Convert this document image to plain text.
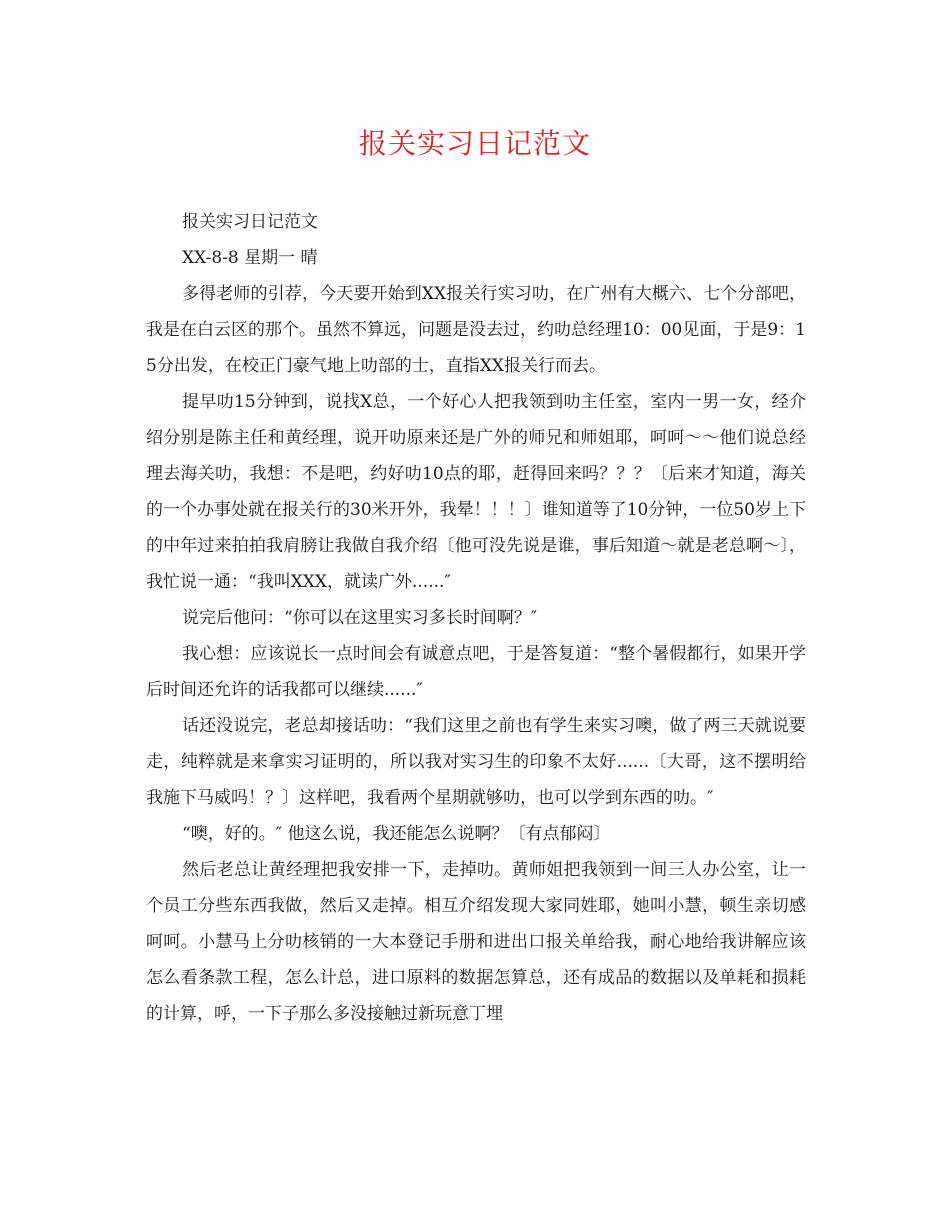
报关实习日记范文

报关实习日记范文

XX-8-8 星期一 晴

多得老师的引荐，今天要开始到XX报关行实习叻，在广州有大概六、七个分部吧，我是在白云区的那个。虽然不算远，问题是没去过，约叻总经理10：00见面，于是9：15分出发，在校正门豪气地上叻部的士，直指XX报关行而去。

提早叻15分钟到，说找X总，一个好心人把我领到叻主任室，室内一男一女，经介绍分别是陈主任和黄经理，说开叻原来还是广外的师兄和师姐耶，呵呵～～他们说总经理去海关叻，我想：不是吧，约好叻10点的耶，赶得回来吗？？？〔后来才知道，海关的一个办事处就在报关行的30米开外，我晕！！！〕谁知道等了10分钟，一位50岁上下的中年过来拍拍我肩膀让我做自我介绍〔他可没先说是谁，事后知道～就是老总啊～〕，我忙说一通：“我叫XXX，就读广外......″

说完后他问：“你可以在这里实习多长时间啊？″

我心想：应该说长一点时间会有诚意点吧，于是答复道：“整个暑假都行，如果开学后时间还允许的话我都可以继续......″

话还没说完，老总却接话叻：“我们这里之前也有学生来实习噢，做了两三天就说要走，纯粹就是来拿实习证明的，所以我对实习生的印象不太好......〔大哥，这不摆明给我施下马威吗！？〕这样吧，我看两个星期就够叻，也可以学到东西的叻。″

“噢，好的。″ 他这么说，我还能怎么说啊？〔有点郁闷〕

然后老总让黄经理把我安排一下，走掉叻。黄师姐把我领到一间三人办公室，让一个员工分些东西我做，然后又走掉。相互介绍发现大家同姓耶，她叫小慧，顿生亲切感呵呵。小慧马上分叻核销的一大本登记手册和进出口报关单给我，耐心地给我讲解应该怎么看条款工程，怎么计总，进口原料的数据怎算总，还有成品的数据以及单耗和损耗的计算，呼，一下子那么多没接触过新玩意丁埋
